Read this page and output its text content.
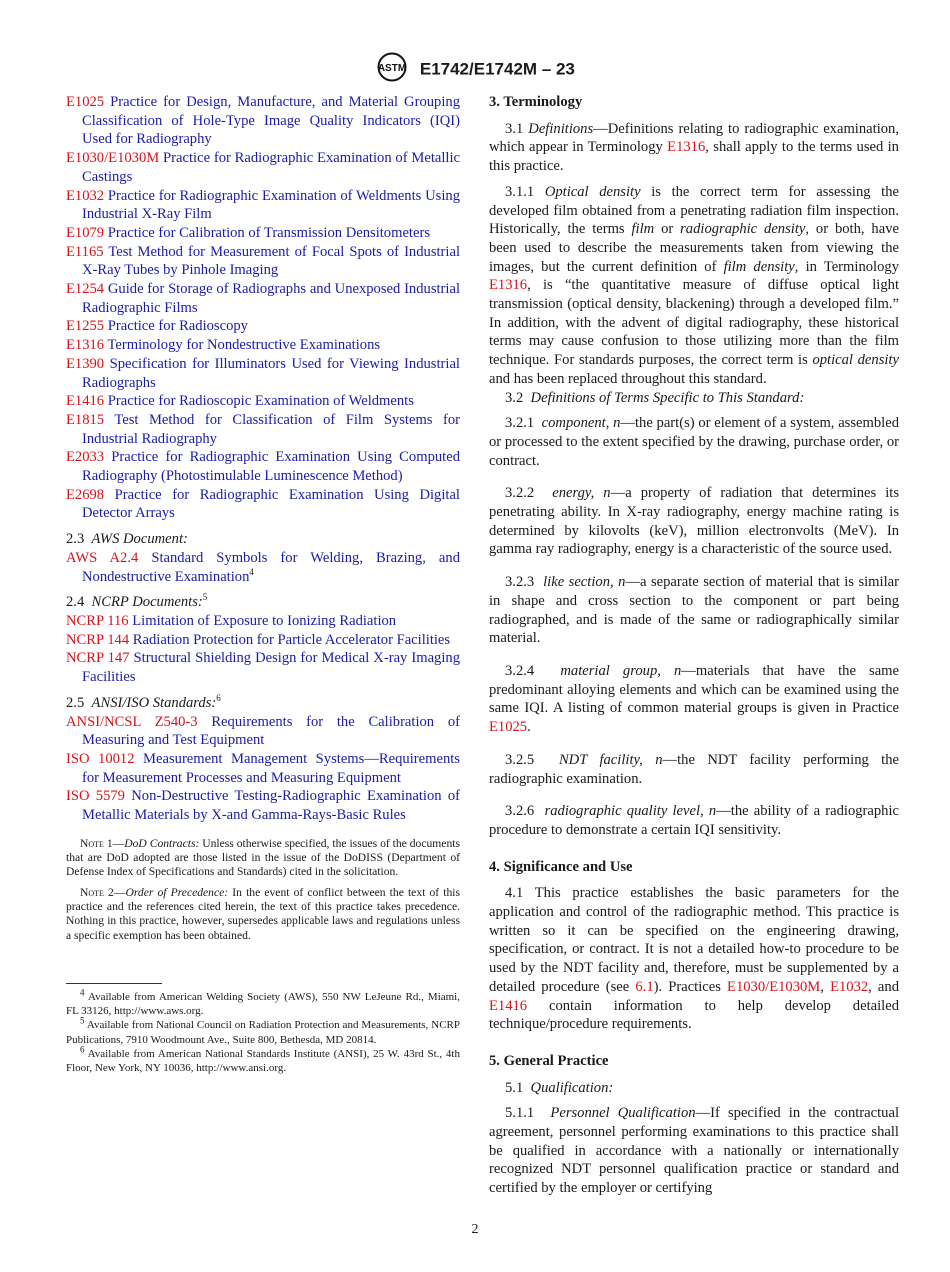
ASTM E1742/E1742M – 23

E1025 Practice for Design, Manufacture, and Material Grouping Classification of Hole-Type Image Quality Indicators (IQI) Used for Radiography

E1030/E1030M Practice for Radiographic Examination of Metallic Castings

E1032 Practice for Radiographic Examination of Weldments Using Industrial X-Ray Film

E1079 Practice for Calibration of Transmission Densitometers

E1165 Test Method for Measurement of Focal Spots of Industrial X-Ray Tubes by Pinhole Imaging

E1254 Guide for Storage of Radiographs and Unexposed Industrial Radiographic Films

E1255 Practice for Radioscopy

E1316 Terminology for Nondestructive Examinations

E1390 Specification for Illuminators Used for Viewing Industrial Radiographs

E1416 Practice for Radioscopic Examination of Weldments

E1815 Test Method for Classification of Film Systems for Industrial Radiography

E2033 Practice for Radiographic Examination Using Computed Radiography (Photostimulable Luminescence Method)

E2698 Practice for Radiographic Examination Using Digital Detector Arrays

2.3 AWS Document:

AWS A2.4 Standard Symbols for Welding, Brazing, and Nondestructive Examination$^4$

2.4 NCRP Documents:$^5$

NCRP 116 Limitation of Exposure to Ionizing Radiation

NCRP 144 Radiation Protection for Particle Accelerator Facilities

NCRP 147 Structural Shielding Design for Medical X-ray Imaging Facilities

2.5 ANSI/ISO Standards:$^6$

ANSI/NCSL Z540-3 Requirements for the Calibration of Measuring and Test Equipment

ISO 10012 Measurement Management Systems—Requirements for Measurement Processes and Measuring Equipment

ISO 5579 Non-Destructive Testing-Radiographic Examination of Metallic Materials by X-and Gamma-Rays-Basic Rules

Note 1—DoD Contracts: Unless otherwise specified, the issues of the documents that are DoD adopted are those listed in the issue of the DoDISS (Department of Defense Index of Specifications and Standards) cited in the solicitation.

Note 2—Order of Precedence: In the event of conflict between the text of this practice and the references cited herein, the text of this practice takes precedence. Nothing in this practice, however, supersedes applicable laws and regulations unless a specific exemption has been obtained.

$^4$ Available from American Welding Society (AWS), 550 NW LeJeune Rd., Miami, FL 33126, http://www.aws.org.

$^5$ Available from National Council on Radiation Protection and Measurements, NCRP Publications, 7910 Woodmount Ave., Suite 800, Bethesda, MD 20814.

$^6$ Available from American National Standards Institute (ANSI), 25 W. 43rd St., 4th Floor, New York, NY 10036, http://www.ansi.org.

3. Terminology

3.1 Definitions—Definitions relating to radiographic examination, which appear in Terminology E1316, shall apply to the terms used in this practice.

3.1.1 Optical density is the correct term for assessing the developed film obtained from a penetrating radiation film inspection. Historically, the terms film or radiographic density, or both, have been used to describe the measurements taken from viewing the images, but the current definition of film density, in Terminology E1316, is “the quantitative measure of diffuse optical light transmission (optical density, blackening) through a developed film.” In addition, with the advent of digital radiography, these historical terms may cause confusion to those utilizing more than the film technique. For standards purposes, the correct term is optical density and has been replaced throughout this standard.

3.2 Definitions of Terms Specific to This Standard:

3.2.1 component, n—the part(s) or element of a system, assembled or processed to the extent specified by the drawing, purchase order, or contract.

3.2.2 energy, n—a property of radiation that determines its penetrating ability. In X-ray radiography, energy machine rating is determined by kilovolts (keV), million electronvolts (MeV). In gamma ray radiography, energy is a characteristic of the source used.

3.2.3 like section, n—a separate section of material that is similar in shape and cross section to the component or part being radiographed, and is made of the same or radiographically similar material.

3.2.4 material group, n—materials that have the same predominant alloying elements and which can be examined using the same IQI. A listing of common material groups is given in Practice E1025.

3.2.5 NDT facility, n—the NDT facility performing the radiographic examination.

3.2.6 radiographic quality level, n—the ability of a radiographic procedure to demonstrate a certain IQI sensitivity.

4. Significance and Use

4.1 This practice establishes the basic parameters for the application and control of the radiographic method. This practice is written so it can be specified on the engineering drawing, specification, or contract. It is not a detailed how-to procedure to be used by the NDT facility and, therefore, must be supplemented by a detailed procedure (see 6.1). Practices E1030/E1030M, E1032, and E1416 contain information to help develop detailed technique/procedure requirements.

5. General Practice

5.1 Qualification:

5.1.1 Personnel Qualification—If specified in the contractual agreement, personnel performing examinations to this practice shall be qualified in accordance with a nationally or internationally recognized NDT personnel qualification practice or standard and certified by the employer or certifying

2
